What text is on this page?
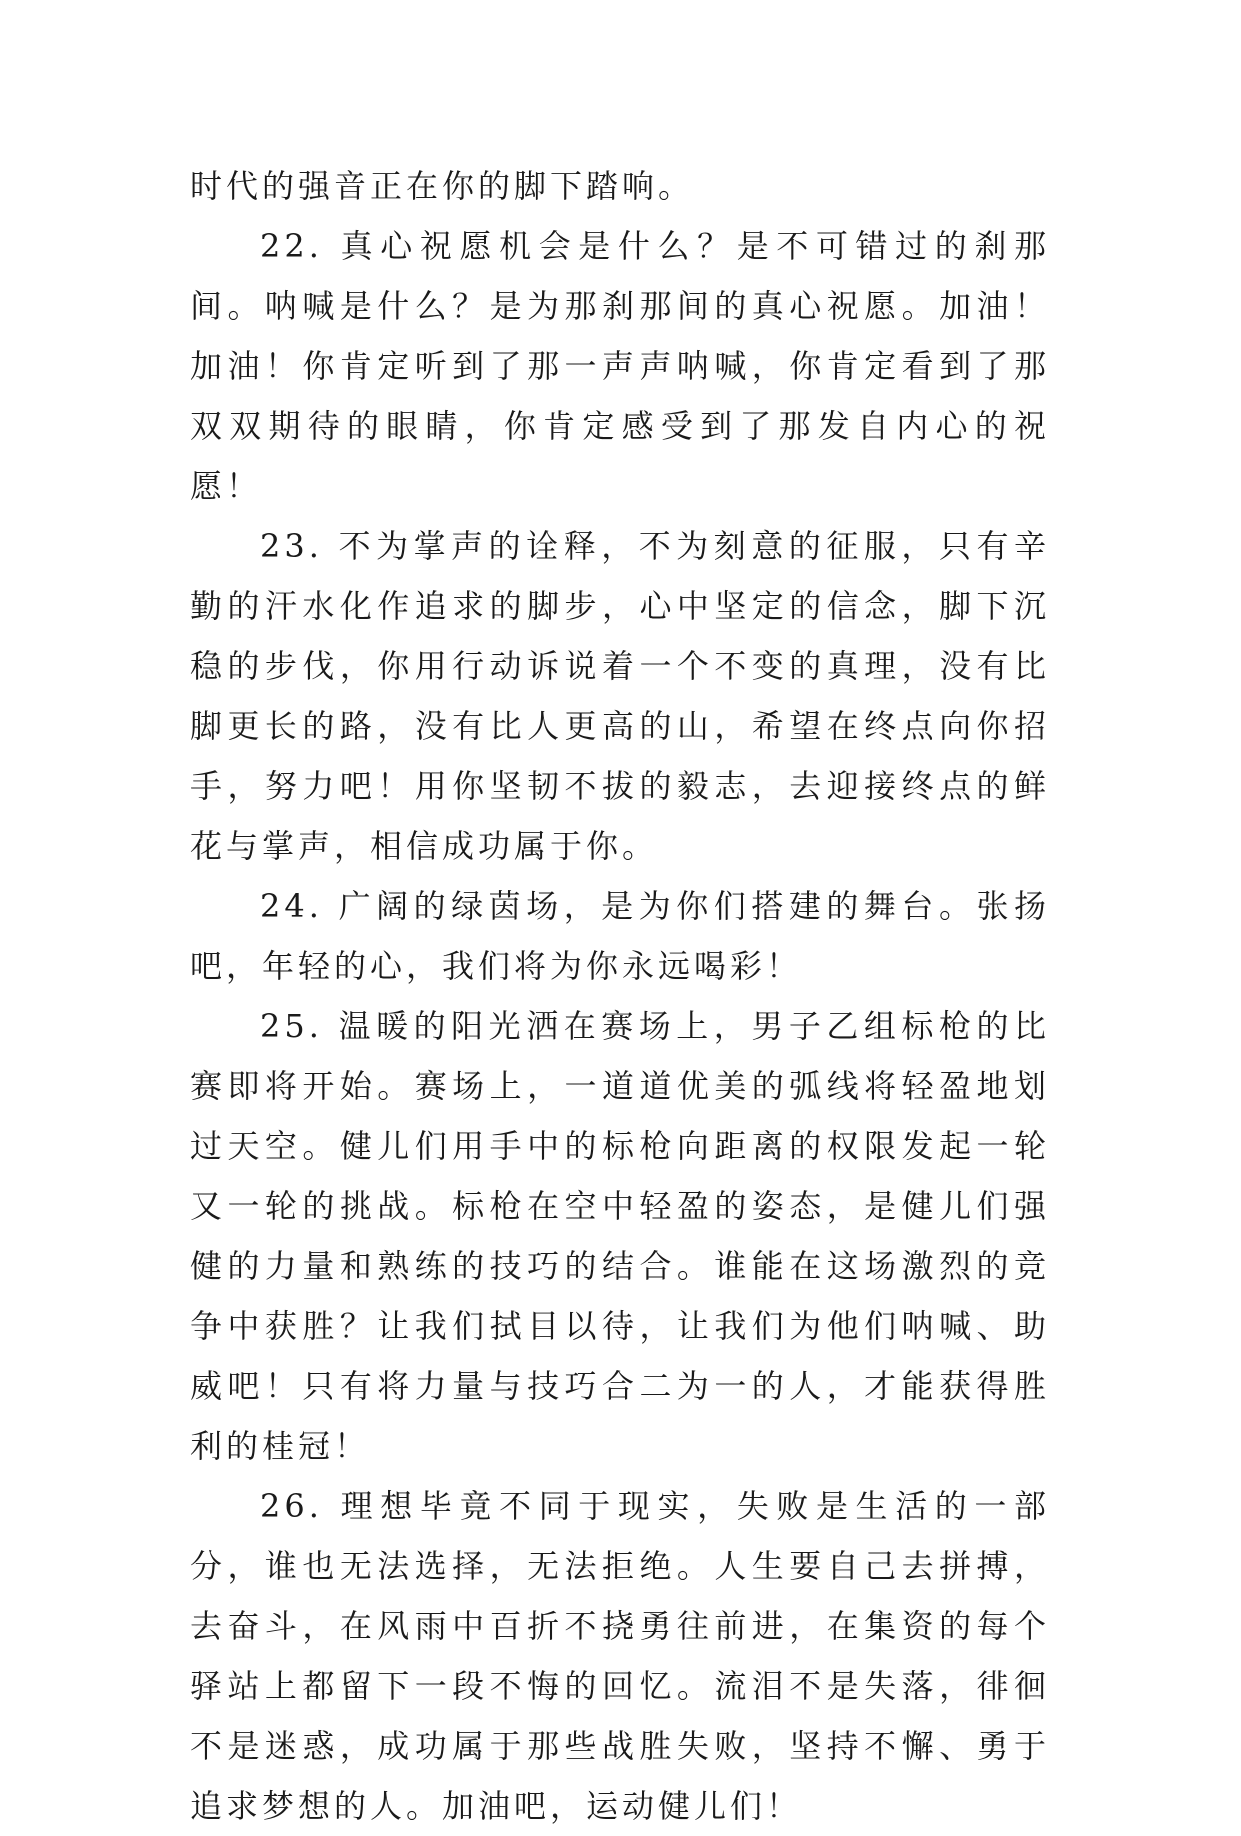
时代的强音正在你的脚下踏响。

22. 真心祝愿机会是什么？是不可错过的刹那间。呐喊是什么？是为那刹那间的真心祝愿。加油！加油！你肯定听到了那一声声呐喊，你肯定看到了那双双期待的眼睛，你肯定感受到了那发自内心的祝愿！

23. 不为掌声的诠释，不为刻意的征服，只有辛勤的汗水化作追求的脚步，心中坚定的信念，脚下沉稳的步伐，你用行动诉说着一个不变的真理，没有比脚更长的路，没有比人更高的山，希望在终点向你招手，努力吧！用你坚韧不拔的毅志，去迎接终点的鲜花与掌声，相信成功属于你。

24. 广阔的绿茵场，是为你们搭建的舞台。张扬吧，年轻的心，我们将为你永远喝彩！

25. 温暖的阳光洒在赛场上，男子乙组标枪的比赛即将开始。赛场上，一道道优美的弧线将轻盈地划过天空。健儿们用手中的标枪向距离的权限发起一轮又一轮的挑战。标枪在空中轻盈的姿态，是健儿们强健的力量和熟练的技巧的结合。谁能在这场激烈的竞争中获胜？让我们拭目以待，让我们为他们呐喊、助威吧！只有将力量与技巧合二为一的人，才能获得胜利的桂冠！

26. 理想毕竟不同于现实，失败是生活的一部分，谁也无法选择，无法拒绝。人生要自己去拼搏，去奋斗，在风雨中百折不挠勇往前进，在集资的每个驿站上都留下一段不悔的回忆。流泪不是失落，徘徊不是迷惑，成功属于那些战胜失败，坚持不懈、勇于追求梦想的人。加油吧，运动健儿们！
